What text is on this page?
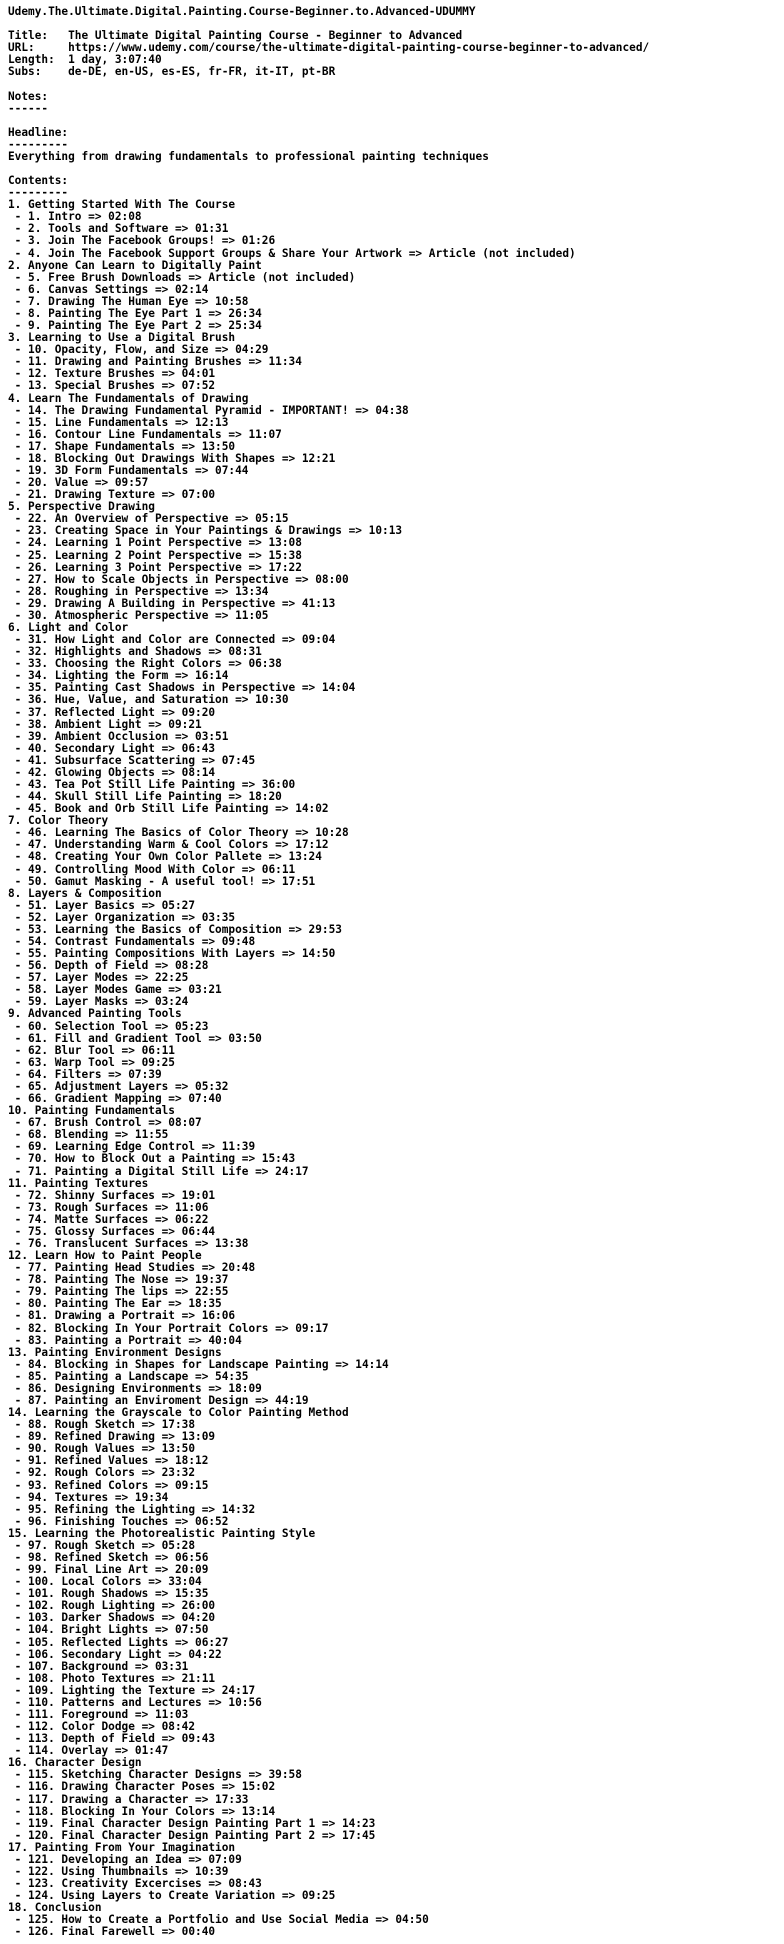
Udemy.The.Ultimate.Digital.Painting.Course-Beginner.to.Advanced-UDUMMY
Title:   The Ultimate Digital Painting Course - Beginner to Advanced
URL:     https://www.udemy.com/course/the-ultimate-digital-painting-course-beginner-to-advanced/
Length:  1 day, 3:07:40
Subs:    de-DE, en-US, es-ES, fr-FR, it-IT, pt-BR
Notes:
------
Headline:
---------
Everything from drawing fundamentals to professional painting techniques
Contents:
---------
1. Getting Started With The Course
- 1. Intro => 02:08
- 2. Tools and Software => 01:31
- 3. Join The Facebook Groups! => 01:26
- 4. Join The Facebook Support Groups & Share Your Artwork => Article (not included)
2. Anyone Can Learn to Digitally Paint
- 5. Free Brush Downloads => Article (not included)
- 6. Canvas Settings => 02:14
- 7. Drawing The Human Eye => 10:58
- 8. Painting The Eye Part 1 => 26:34
- 9. Painting The Eye Part 2 => 25:34
3. Learning to Use a Digital Brush
- 10. Opacity, Flow, and Size => 04:29
- 11. Drawing and Painting Brushes => 11:34
- 12. Texture Brushes => 04:01
- 13. Special Brushes => 07:52
4. Learn The Fundamentals of Drawing
- 14. The Drawing Fundamental Pyramid - IMPORTANT! => 04:38
- 15. Line Fundamentals => 12:13
- 16. Contour Line Fundamentals => 11:07
- 17. Shape Fundamentals => 13:50
- 18. Blocking Out Drawings With Shapes => 12:21
- 19. 3D Form Fundamentals => 07:44
- 20. Value => 09:57
- 21. Drawing Texture => 07:00
5. Perspective Drawing
- 22. An Overview of Perspective => 05:15
- 23. Creating Space in Your Paintings & Drawings => 10:13
- 24. Learning 1 Point Perspective => 13:08
- 25. Learning 2 Point Perspective => 15:38
- 26. Learning 3 Point Perspective => 17:22
- 27. How to Scale Objects in Perspective => 08:00
- 28. Roughing in Perspective => 13:34
- 29. Drawing A Building in Perspective => 41:13
- 30. Atmospheric Perspective => 11:05
6. Light and Color
- 31. How Light and Color are Connected => 09:04
- 32. Highlights and Shadows => 08:31
- 33. Choosing the Right Colors => 06:38
- 34. Lighting the Form => 16:14
- 35. Painting Cast Shadows in Perspective => 14:04
- 36. Hue, Value, and Saturation => 10:30
- 37. Reflected Light => 09:20
- 38. Ambient Light => 09:21
- 39. Ambient Occlusion => 03:51
- 40. Secondary Light => 06:43
- 41. Subsurface Scattering => 07:45
- 42. Glowing Objects => 08:14
- 43. Tea Pot Still Life Painting => 36:00
- 44. Skull Still Life Painting => 18:20
- 45. Book and Orb Still Life Painting => 14:02
7. Color Theory
- 46. Learning The Basics of Color Theory => 10:28
- 47. Understanding Warm & Cool Colors => 17:12
- 48. Creating Your Own Color Pallete => 13:24
- 49. Controlling Mood With Color => 06:11
- 50. Gamut Masking - A useful tool! => 17:51
8. Layers & Composition
- 51. Layer Basics => 05:27
- 52. Layer Organization => 03:35
- 53. Learning the Basics of Composition => 29:53
- 54. Contrast Fundamentals => 09:48
- 55. Painting Compositions With Layers => 14:50
- 56. Depth of Field => 08:28
- 57. Layer Modes => 22:25
- 58. Layer Modes Game => 03:21
- 59. Layer Masks => 03:24
9. Advanced Painting Tools
- 60. Selection Tool => 05:23
- 61. Fill and Gradient Tool => 03:50
- 62. Blur Tool => 06:11
- 63. Warp Tool => 09:25
- 64. Filters => 07:39
- 65. Adjustment Layers => 05:32
- 66. Gradient Mapping => 07:40
10. Painting Fundamentals
- 67. Brush Control => 08:07
- 68. Blending => 11:55
- 69. Learning Edge Control => 11:39
- 70. How to Block Out a Painting => 15:43
- 71. Painting a Digital Still Life => 24:17
11. Painting Textures
- 72. Shinny Surfaces => 19:01
- 73. Rough Surfaces => 11:06
- 74. Matte Surfaces => 06:22
- 75. Glossy Surfaces => 06:44
- 76. Translucent Surfaces => 13:38
12. Learn How to Paint People
- 77. Painting Head Studies => 20:48
- 78. Painting The Nose => 19:37
- 79. Painting The lips => 22:55
- 80. Painting The Ear => 18:35
- 81. Drawing a Portrait => 16:06
- 82. Blocking In Your Portrait Colors => 09:17
- 83. Painting a Portrait => 40:04
13. Painting Environment Designs
- 84. Blocking in Shapes for Landscape Painting => 14:14
- 85. Painting a Landscape => 54:35
- 86. Designing Environments => 18:09
- 87. Painting an Enviroment Design => 44:19
14. Learning the Grayscale to Color Painting Method
- 88. Rough Sketch => 17:38
- 89. Refined Drawing => 13:09
- 90. Rough Values => 13:50
- 91. Refined Values => 18:12
- 92. Rough Colors => 23:32
- 93. Refined Colors => 09:15
- 94. Textures => 19:34
- 95. Refining the Lighting => 14:32
- 96. Finishing Touches => 06:52
15. Learning the Photorealistic Painting Style
- 97. Rough Sketch => 05:28
- 98. Refined Sketch => 06:56
- 99. Final Line Art => 20:09
- 100. Local Colors => 33:04
- 101. Rough Shadows => 15:35
- 102. Rough Lighting => 26:00
- 103. Darker Shadows => 04:20
- 104. Bright Lights => 07:50
- 105. Reflected Lights => 06:27
- 106. Secondary Light => 04:22
- 107. Background => 03:31
- 108. Photo Textures => 21:11
- 109. Lighting the Texture => 24:17
- 110. Patterns and Lectures => 10:56
- 111. Foreground => 11:03
- 112. Color Dodge => 08:42
- 113. Depth of Field => 09:43
- 114. Overlay => 01:47
16. Character Design
- 115. Sketching Character Designs => 39:58
- 116. Drawing Character Poses => 15:02
- 117. Drawing a Character => 17:33
- 118. Blocking In Your Colors => 13:14
- 119. Final Character Design Painting Part 1 => 14:23
- 120. Final Character Design Painting Part 2 => 17:45
17. Painting From Your Imagination
- 121. Developing an Idea => 07:09
- 122. Using Thumbnails => 10:39
- 123. Creativity Excercises => 08:43
- 124. Using Layers to Create Variation => 09:25
18. Conclusion
- 125. How to Create a Portfolio and Use Social Media => 04:50
- 126. Final Farewell => 00:40
